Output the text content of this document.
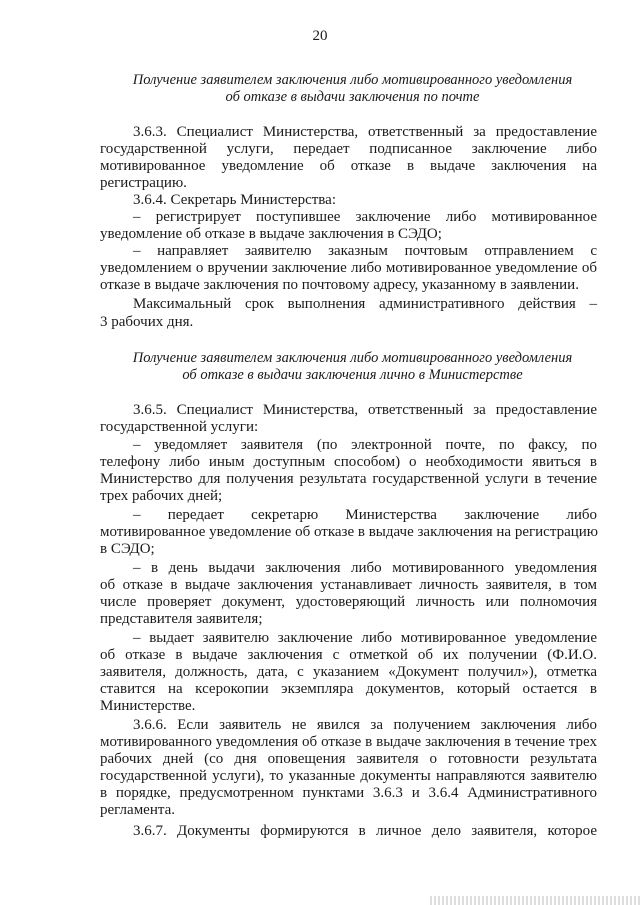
20
Получение заявителем заключения либо мотивированного уведомления
об отказе в выдачи заключения по почте
3.6.3. Специалист Министерства, ответственный за предоставление
государственной услуги, передает подписанное заключение либо
мотивированное уведомление об отказе в выдаче заключения на
регистрацию.
3.6.4. Секретарь Министерства:
– регистрирует поступившее заключение либо мотивированное
уведомление об отказе в выдаче заключения в СЭДО;
– направляет заявителю заказным почтовым отправлением с
уведомлением о вручении заключение либо мотивированное уведомление об
отказе в выдаче заключения по почтовому адресу, указанному в заявлении.
Максимальный срок выполнения административного действия –
3 рабочих дня.
Получение заявителем заключения либо мотивированного уведомления
об отказе в выдачи заключения лично в Министерстве
3.6.5. Специалист Министерства, ответственный за предоставление
государственной услуги:
– уведомляет заявителя (по электронной почте, по факсу, по
телефону либо иным доступным способом) о необходимости явиться в
Министерство для получения результата государственной услуги в течение
трех рабочих дней;
– передает секретарю Министерства заключение либо
мотивированное уведомление об отказе в выдаче заключения на регистрацию
в СЭДО;
– в день выдачи заключения либо мотивированного уведомления
об отказе в выдаче заключения устанавливает личность заявителя, в том
числе проверяет документ, удостоверяющий личность или полномочия
представителя заявителя;
– выдает заявителю заключение либо мотивированное уведомление
об отказе в выдаче заключения с отметкой об их получении (Ф.И.О.
заявителя, должность, дата, с указанием «Документ получил»), отметка
ставится на ксерокопии экземпляра документов, который остается в
Министерстве.
3.6.6. Если заявитель не явился за получением заключения либо
мотивированного уведомления об отказе в выдаче заключения в течение трех
рабочих дней (со дня оповещения заявителя о готовности результата
государственной услуги), то указанные документы направляются заявителю
в порядке, предусмотренном пунктами 3.6.3 и 3.6.4 Административного
регламента.
3.6.7. Документы формируются в личное дело заявителя, которое
